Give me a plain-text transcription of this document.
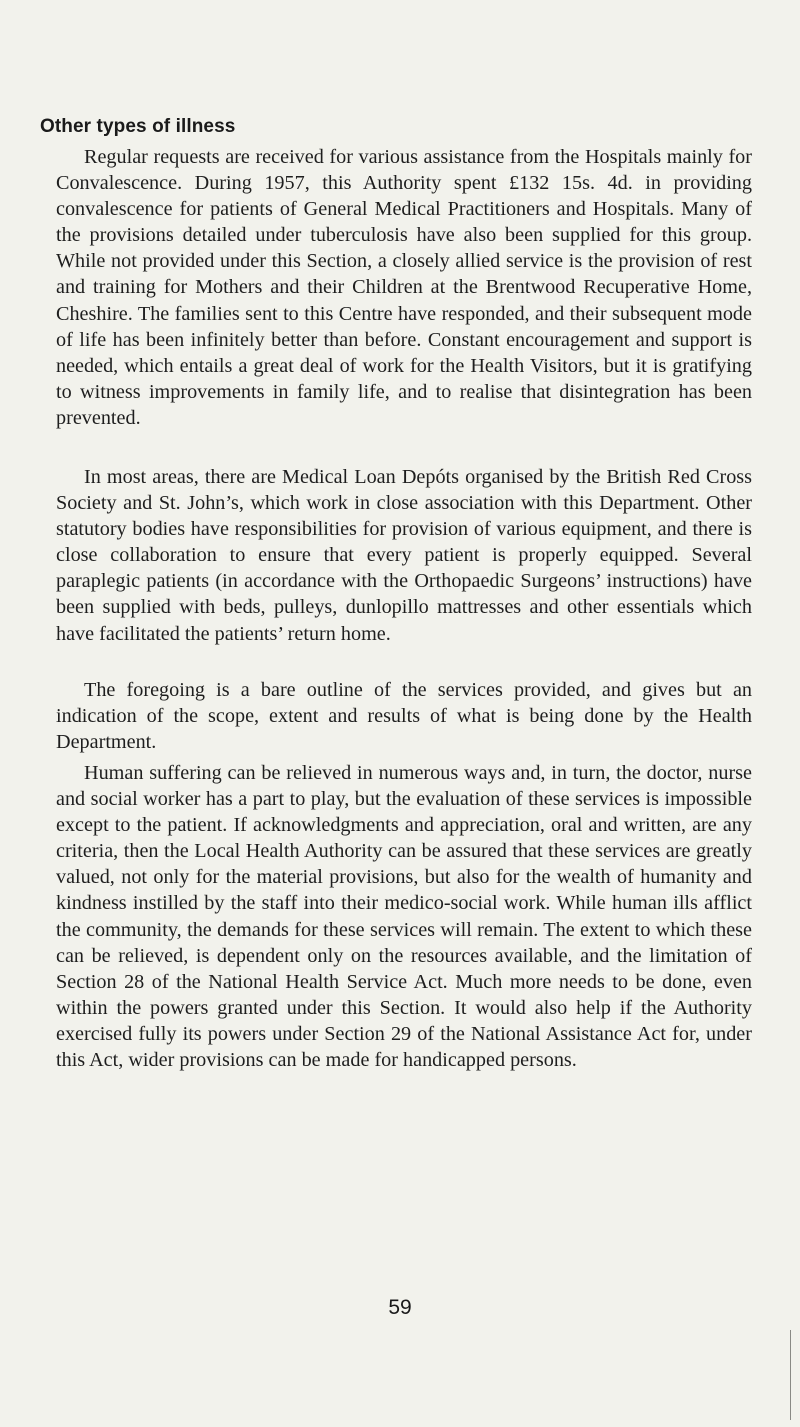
Other types of illness

Regular requests are received for various assistance from the Hospitals mainly for Convalescence. During 1957, this Authority spent £132 15s. 4d. in providing convalescence for patients of General Medical Practitioners and Hospitals. Many of the provisions detailed under tuberculosis have also been supplied for this group. While not provided under this Section, a closely allied service is the provision of rest and training for Mothers and their Children at the Brentwood Recuperative Home, Cheshire. The families sent to this Centre have responded, and their subsequent mode of life has been infinitely better than before. Constant encouragement and support is needed, which entails a great deal of work for the Health Visitors, but it is gratifying to witness improvements in family life, and to realise that disintegration has been prevented.

In most areas, there are Medical Loan Depóts organised by the British Red Cross Society and St. John’s, which work in close association with this Department. Other statutory bodies have responsibilities for provision of various equipment, and there is close collaboration to ensure that every patient is properly equipped. Several paraplegic patients (in accordance with the Orthopaedic Surgeons’ instructions) have been supplied with beds, pulleys, dunlopillo mattresses and other essentials which have facilitated the patients’ return home.

The foregoing is a bare outline of the services provided, and gives but an indication of the scope, extent and results of what is being done by the Health Department.

Human suffering can be relieved in numerous ways and, in turn, the doctor, nurse and social worker has a part to play, but the evaluation of these services is impossible except to the patient. If acknowledgments and appreciation, oral and written, are any criteria, then the Local Health Authority can be assured that these services are greatly valued, not only for the material provisions, but also for the wealth of humanity and kindness instilled by the staff into their medico-social work. While human ills afflict the community, the demands for these services will remain. The extent to which these can be relieved, is dependent only on the resources available, and the limitation of Section 28 of the National Health Service Act. Much more needs to be done, even within the powers granted under this Section. It would also help if the Authority exercised fully its powers under Section 29 of the National Assistance Act for, under this Act, wider provisions can be made for handicapped persons.

59
